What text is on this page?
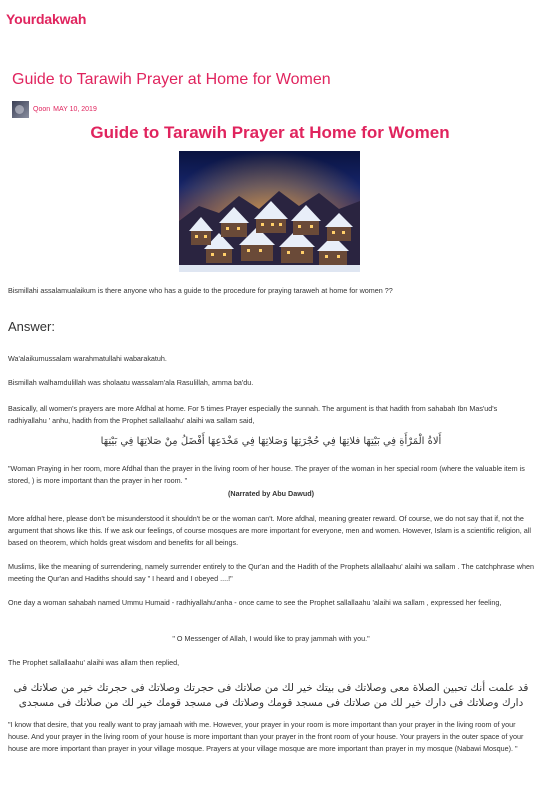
Yourdakwah
Guide to Tarawih Prayer at Home for Women
Qoon MAY 10, 2019
Guide to Tarawih Prayer at Home for Women
Bismillahi assalamualaikum is there anyone who has a guide to the procedure for praying taraweh at home for women ??
Answer:
Wa'alaikumussalam warahmatullahi wabarakatuh.
Bismillah walhamdulillah was sholaatu wassalam'ala Rasulillah, amma ba'du.
Basically, all women's prayers are more Afdhal at home. For 5 times Prayer especially the sunnah. The argument is that hadith from sahabah Ibn Mas'ud's radhiyallahu ' anhu, hadith from the Prophet sallallaahu' alaihi wa sallam said,
أَلاةُ الْمَرْأَةِ فِي بَيْتِهَا فلاتِهَا فِي حُجْرَتِهَا وَصَلاتِهَا فِي مَخْدَعِهَا أَفْضَلُ مِنْ صَلاتِهَا فِي بَيْتِهَا
"Woman Praying in her room, more Afdhal than the prayer in the living room of her house. The prayer of the woman in her special room (where the valuable item is stored, ) is more important than the prayer in her room. "
(Narrated by Abu Dawud)
More afdhal here, please don't be misunderstood it shouldn't be or the woman can't. More afdhal, meaning greater reward. Of course, we do not say that if, not the argument that shows like this. If we ask our feelings, of course mosques are more important for everyone, men and women. However, Islam is a scientific religion, all based on theorem, which holds great wisdom and benefits for all beings.
Muslims, like the meaning of surrendering, namely surrender entirely to the Qur'an and the Hadith of the Prophets allallaahu' alaihi wa sallam . The catchphrase when meeting the Qur'an and Hadiths should say " I heard and I obeyed ....!"
One day a woman sahabah named Ummu Humaid - radhiyallahu'anha - once came to see the Prophet sallallaahu 'alaihi wa sallam , expressed her feeling,
" O Messenger of Allah, I would like to pray jammah with you."
The Prophet sallallaahu' alaihi was allam then replied,
قد علمت أنك تحبين الصلاة معى وصلاتك فى بيتك خير لك من صلاتك فى حجرتك وصلاتك فى حجرتك خير من صلاتك فى دارك وصلاتك فى دارك خير لك من صلاتك فى مسجد قومك وصلاتك فى مسجد قومك خير لك من صلاتك فى مسجدى
"I know that desire, that you really want to pray jamaah with me. However, your prayer in your room is more important than your prayer in the living room of your house. And your prayer in the living room of your house is more important than your prayer in the front room of your house. Your prayers in the outer space of your house are more important than prayer in your village mosque. Prayers at your village mosque are more important than prayer in my mosque (Nabawi Mosque). "
